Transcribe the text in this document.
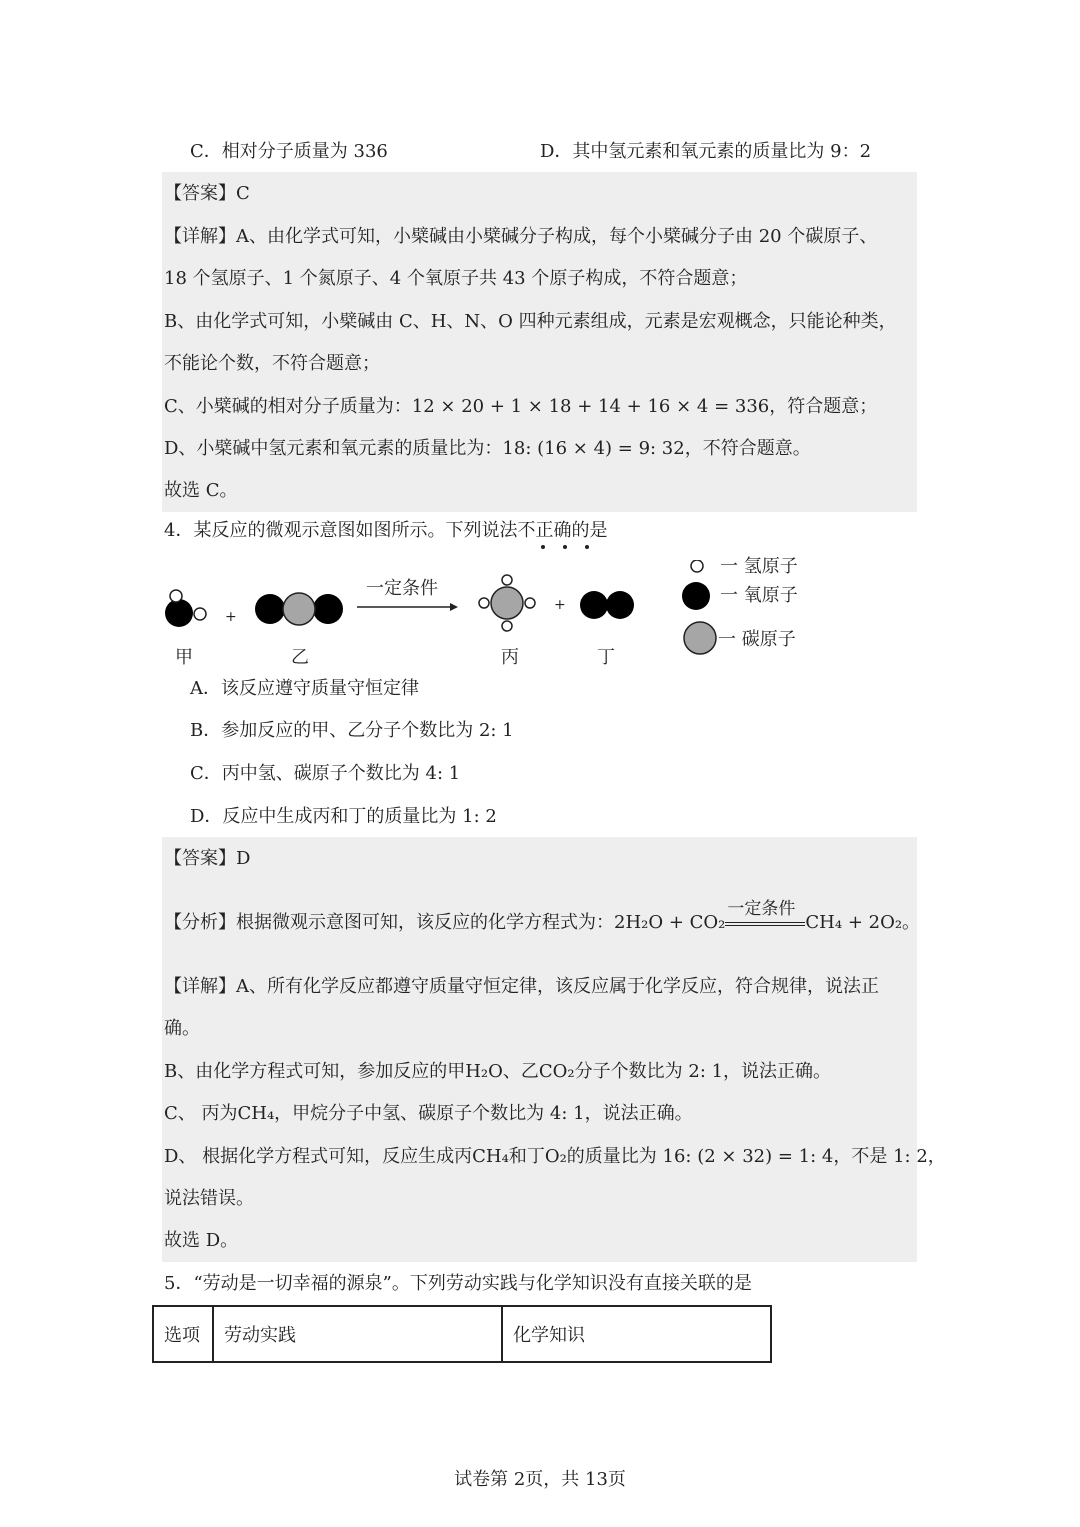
C．相对分子质量为 336	D．其中氢元素和氧元素的质量比为 9：2
【答案】C
【详解】A、由化学式可知，小檗碱由小檗碱分子构成，每个小檗碱分子由 20 个碳原子、
18 个氢原子、1 个氮原子、4 个氧原子共 43 个原子构成，不符合题意；
B、由化学式可知，小檗碱由 C、H、N、O 四种元素组成，元素是宏观概念，只能论种类，
不能论个数，不符合题意；
C、小檗碱的相对分子质量为：12 × 20 + 1 × 18 + 14 + 16 × 4 = 336，符合题意；
D、小檗碱中氢元素和氧元素的质量比为：18: (16 × 4) = 9: 32，不符合题意。
故选 C。
4．某反应的微观示意图如图所示。下列说法不正确的是
一定条件
+
+
甲	乙	丙	丁
一 氢原子
一 氧原子
一 碳原子
A．该反应遵守质量守恒定律
B．参加反应的甲、乙分子个数比为 2: 1
C．丙中氢、碳原子个数比为 4: 1
D．反应中生成丙和丁的质量比为 1: 2
【答案】D
【分析】根据微观示意图可知，该反应的化学方程式为：2H₂O + CO₂
一定条件
CH₄ + 2O₂。
【详解】A、所有化学反应都遵守质量守恒定律，该反应属于化学反应，符合规律，说法正
确。
B、由化学方程式可知，参加反应的甲H₂O、乙CO₂分子个数比为 2: 1，说法正确。
C、 丙为CH₄，甲烷分子中氢、碳原子个数比为 4: 1，说法正确。
D、 根据化学方程式可知，反应生成丙CH₄和丁O₂的质量比为 16: (2 × 32) = 1: 4，不是 1: 2，
说法错误。
故选 D。
5．“劳动是一切幸福的源泉”。下列劳动实践与化学知识没有直接关联的是
选项	劳动实践	化学知识
试卷第 2页，共 13页
